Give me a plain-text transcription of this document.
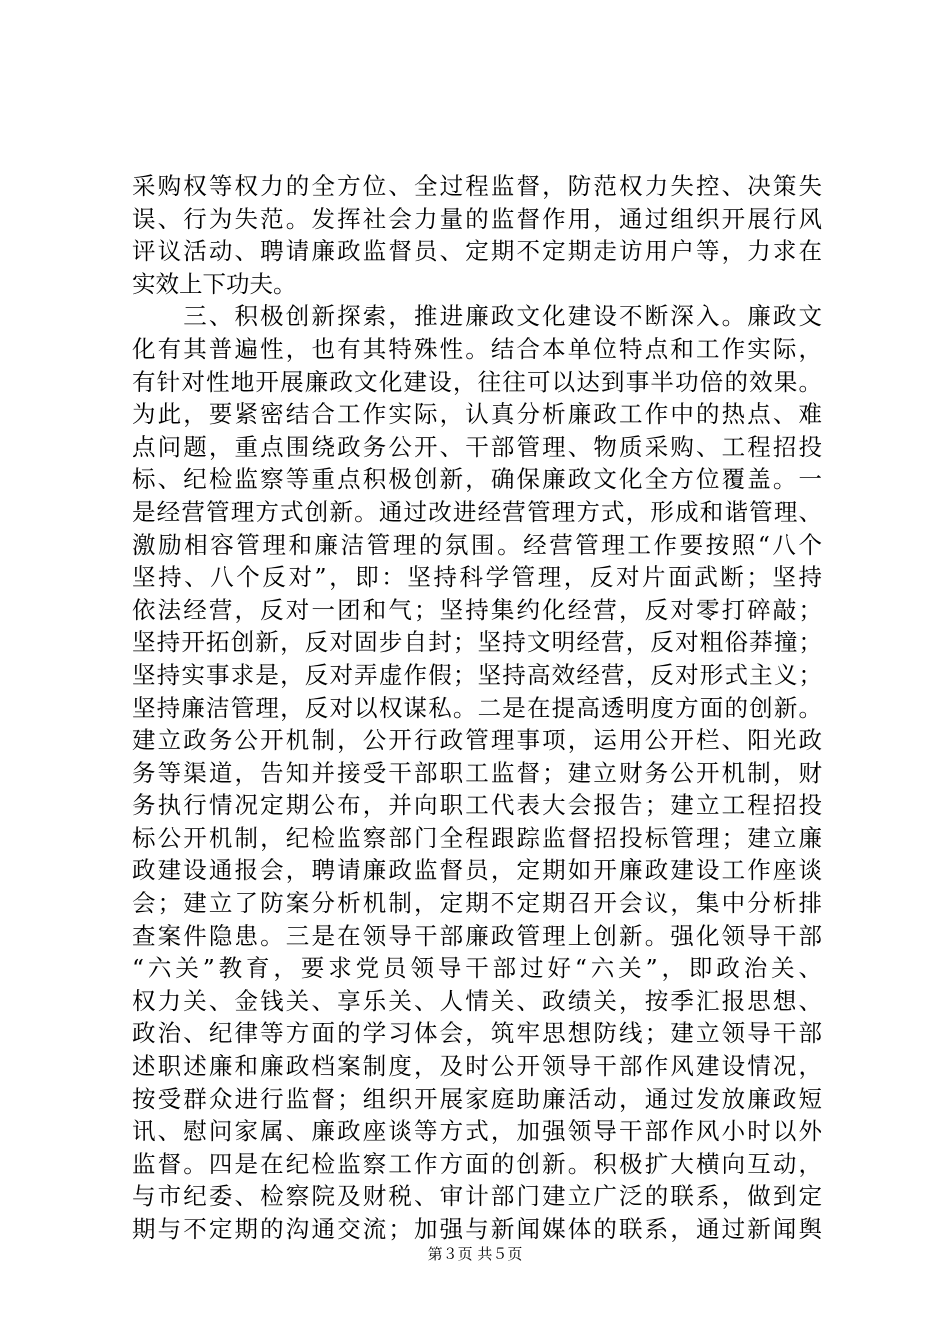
采购权等权力的全方位、全过程监督，防范权力失控、决策失
误、行为失范。发挥社会力量的监督作用，通过组织开展行风
评议活动、聘请廉政监督员、定期不定期走访用户等，力求在
实效上下功夫。
　　三、积极创新探索，推进廉政文化建设不断深入。廉政文
化有其普遍性，也有其特殊性。结合本单位特点和工作实际，
有针对性地开展廉政文化建设，往往可以达到事半功倍的效果。
为此，要紧密结合工作实际，认真分析廉政工作中的热点、难
点问题，重点围绕政务公开、干部管理、物质采购、工程招投
标、纪检监察等重点积极创新，确保廉政文化全方位覆盖。一
是经营管理方式创新。通过改进经营管理方式，形成和谐管理、
激励相容管理和廉洁管理的氛围。经营管理工作要按照“八个
坚持、八个反对”，即：坚持科学管理，反对片面武断；坚持
依法经营，反对一团和气；坚持集约化经营，反对零打碎敲；
坚持开拓创新，反对固步自封；坚持文明经营，反对粗俗莽撞；
坚持实事求是，反对弄虚作假；坚持高效经营，反对形式主义；
坚持廉洁管理，反对以权谋私。二是在提高透明度方面的创新。
建立政务公开机制，公开行政管理事项，运用公开栏、阳光政
务等渠道，告知并接受干部职工监督；建立财务公开机制，财
务执行情况定期公布，并向职工代表大会报告；建立工程招投
标公开机制，纪检监察部门全程跟踪监督招投标管理；建立廉
政建设通报会，聘请廉政监督员，定期如开廉政建设工作座谈
会；建立了防案分析机制，定期不定期召开会议，集中分析排
查案件隐患。三是在领导干部廉政管理上创新。强化领导干部
“六关”教育，要求党员领导干部过好“六关”，即政治关、
权力关、金钱关、享乐关、人情关、政绩关，按季汇报思想、
政治、纪律等方面的学习体会，筑牢思想防线；建立领导干部
述职述廉和廉政档案制度，及时公开领导干部作风建设情况，
按受群众进行监督；组织开展家庭助廉活动，通过发放廉政短
讯、慰问家属、廉政座谈等方式，加强领导干部作风小时以外
监督。四是在纪检监察工作方面的创新。积极扩大横向互动，
与市纪委、检察院及财税、审计部门建立广泛的联系，做到定
期与不定期的沟通交流；加强与新闻媒体的联系，通过新闻舆
第３页 共５页
